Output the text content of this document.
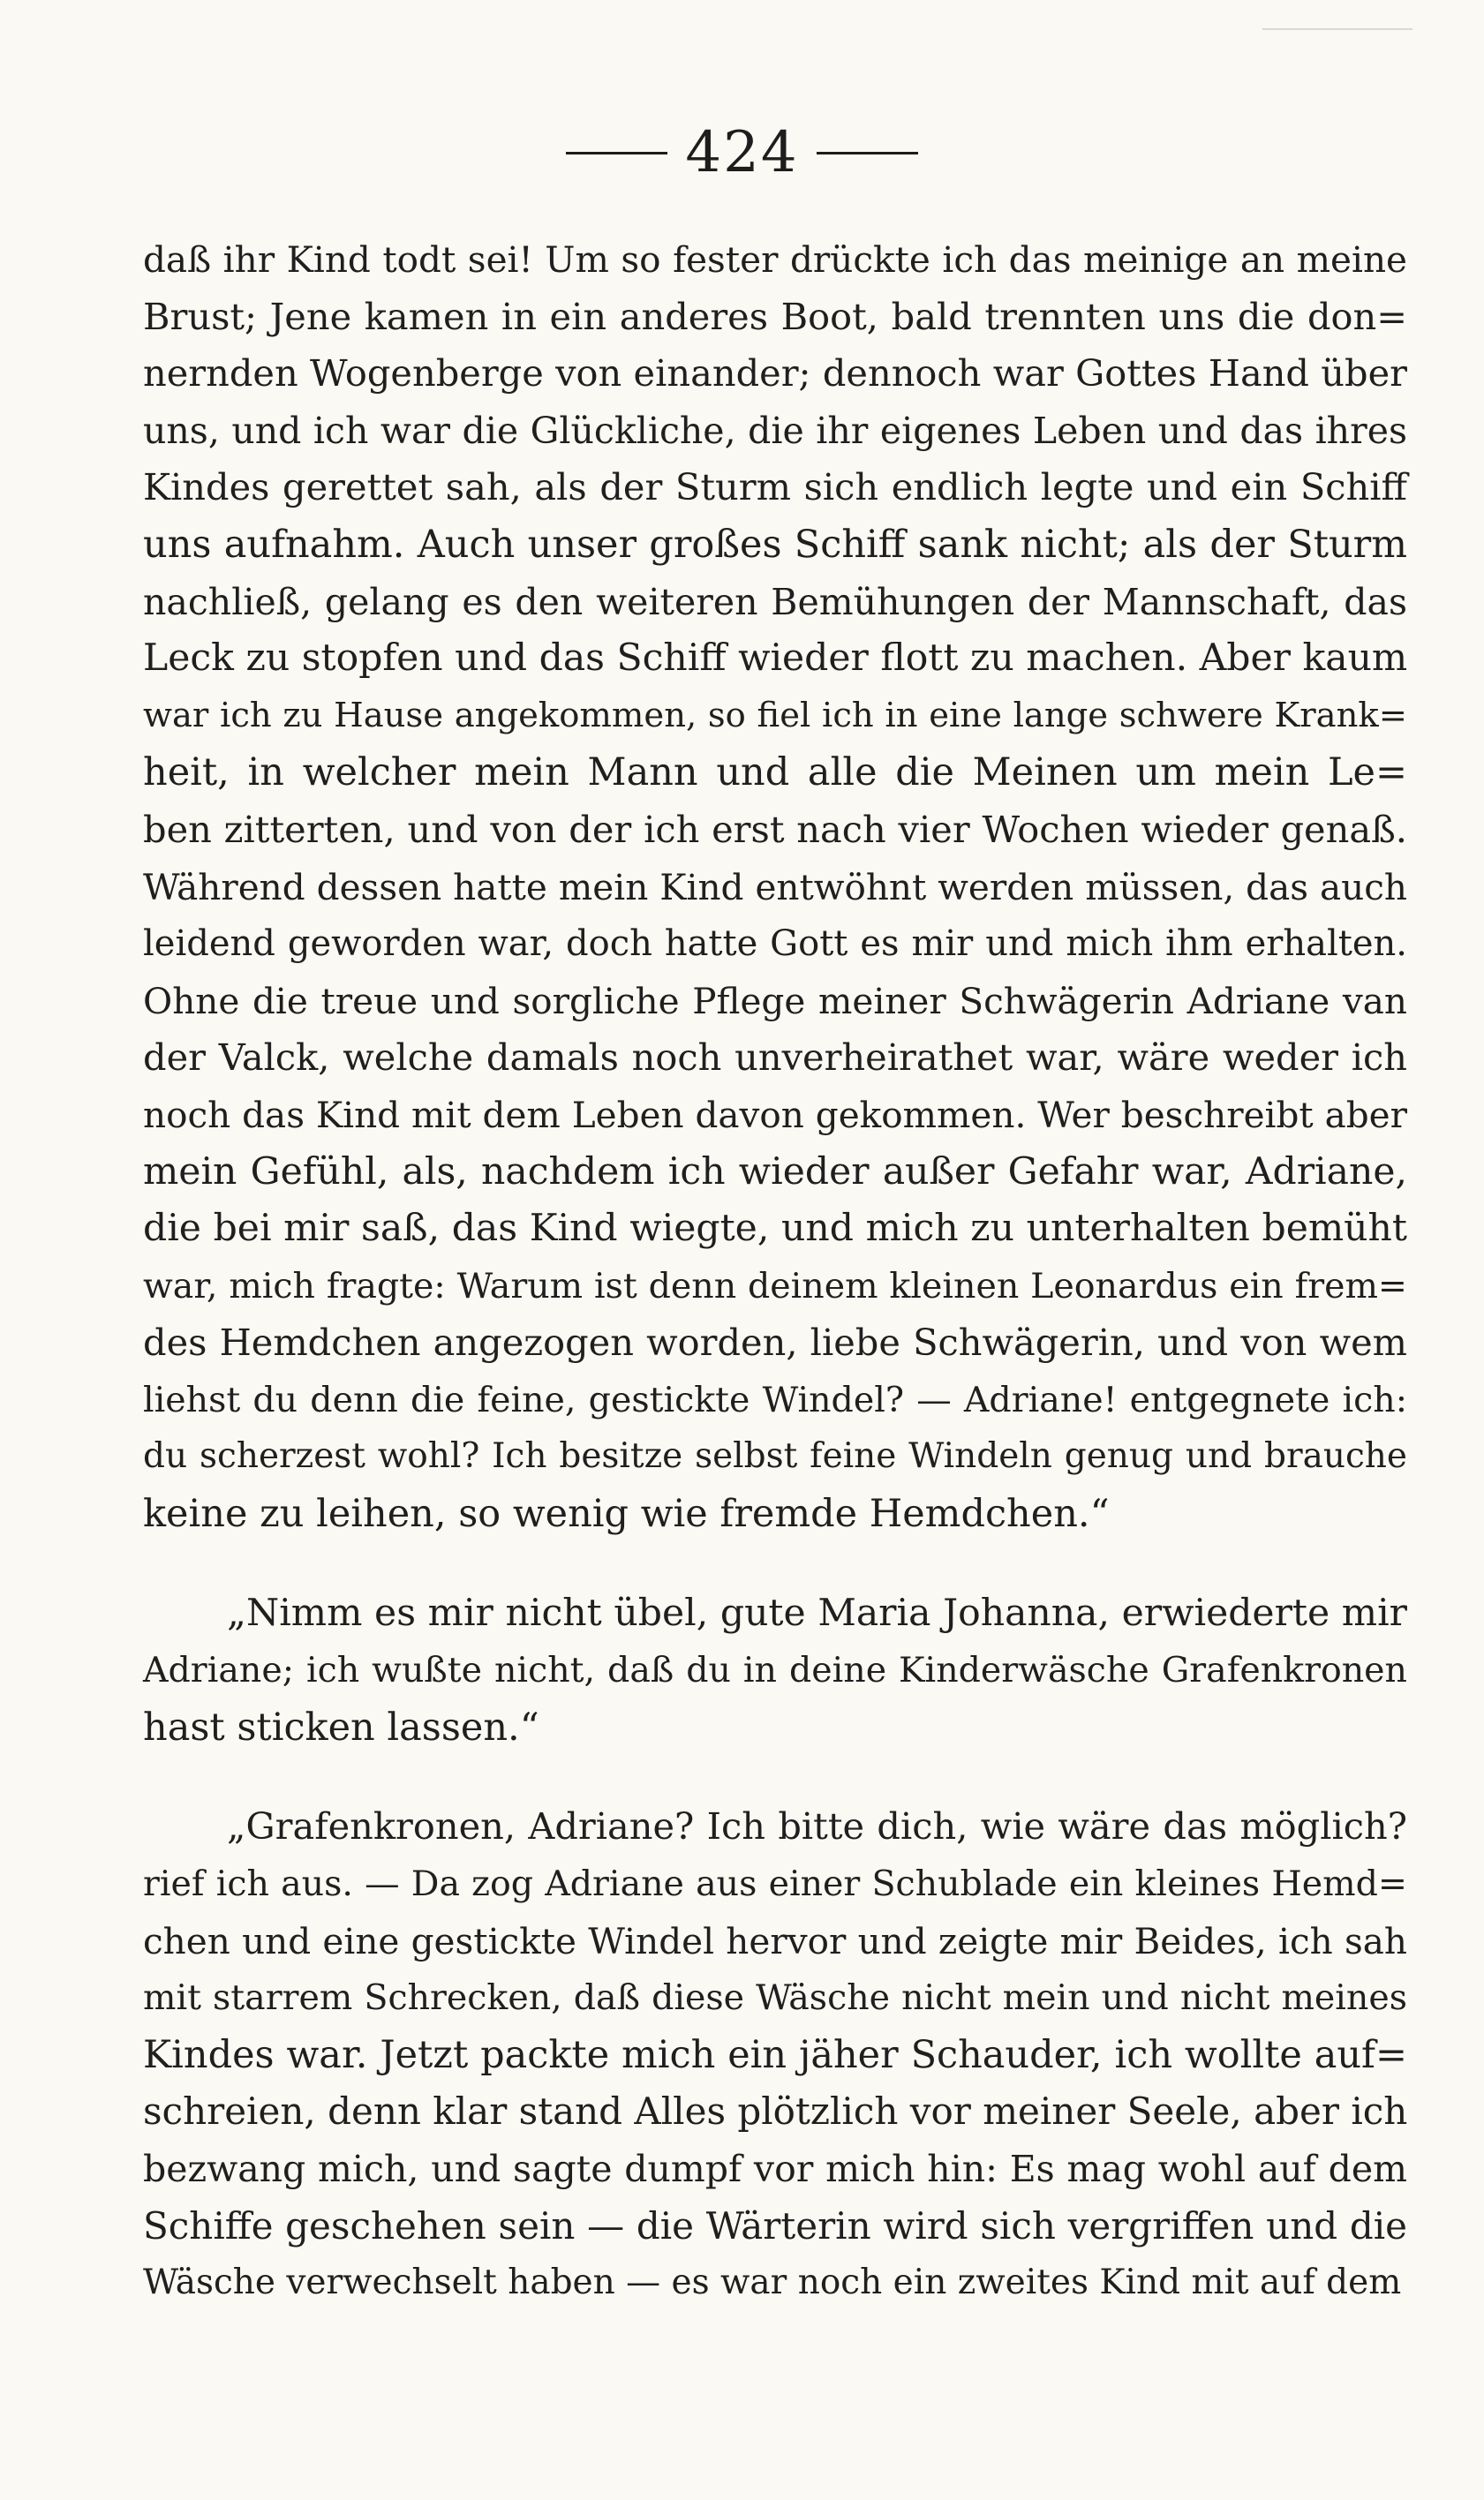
424
daß ihr Kind todt sei! Um so fester drückte ich das meinige an meine
Brust; Jene kamen in ein anderes Boot, bald trennten uns die don=
nernden Wogenberge von einander; dennoch war Gottes Hand über
uns, und ich war die Glückliche, die ihr eigenes Leben und das ihres
Kindes gerettet sah, als der Sturm sich endlich legte und ein Schiff
uns aufnahm. Auch unser großes Schiff sank nicht; als der Sturm
nachließ, gelang es den weiteren Bemühungen der Mannschaft, das
Leck zu stopfen und das Schiff wieder flott zu machen. Aber kaum
war ich zu Hause angekommen, so fiel ich in eine lange schwere Krank=
heit, in welcher mein Mann und alle die Meinen um mein Le=
ben zitterten, und von der ich erst nach vier Wochen wieder genaß.
Während dessen hatte mein Kind entwöhnt werden müssen, das auch
leidend geworden war, doch hatte Gott es mir und mich ihm erhalten.
Ohne die treue und sorgliche Pflege meiner Schwägerin Adriane van
der Valck, welche damals noch unverheirathet war, wäre weder ich
noch das Kind mit dem Leben davon gekommen. Wer beschreibt aber
mein Gefühl, als, nachdem ich wieder außer Gefahr war, Adriane,
die bei mir saß, das Kind wiegte, und mich zu unterhalten bemüht
war, mich fragte: Warum ist denn deinem kleinen Leonardus ein frem=
des Hemdchen angezogen worden, liebe Schwägerin, und von wem
liehst du denn die feine, gestickte Windel? — Adriane! entgegnete ich:
du scherzest wohl? Ich besitze selbst feine Windeln genug und brauche
keine zu leihen, so wenig wie fremde Hemdchen.“
„Nimm es mir nicht übel, gute Maria Johanna, erwiederte mir
Adriane; ich wußte nicht, daß du in deine Kinderwäsche Grafenkronen
hast sticken lassen.“
„Grafenkronen, Adriane? Ich bitte dich, wie wäre das möglich?
rief ich aus. — Da zog Adriane aus einer Schublade ein kleines Hemd=
chen und eine gestickte Windel hervor und zeigte mir Beides, ich sah
mit starrem Schrecken, daß diese Wäsche nicht mein und nicht meines
Kindes war. Jetzt packte mich ein jäher Schauder, ich wollte auf=
schreien, denn klar stand Alles plötzlich vor meiner Seele, aber ich
bezwang mich, und sagte dumpf vor mich hin: Es mag wohl auf dem
Schiffe geschehen sein — die Wärterin wird sich vergriffen und die
Wäsche verwechselt haben — es war noch ein zweites Kind mit auf dem
